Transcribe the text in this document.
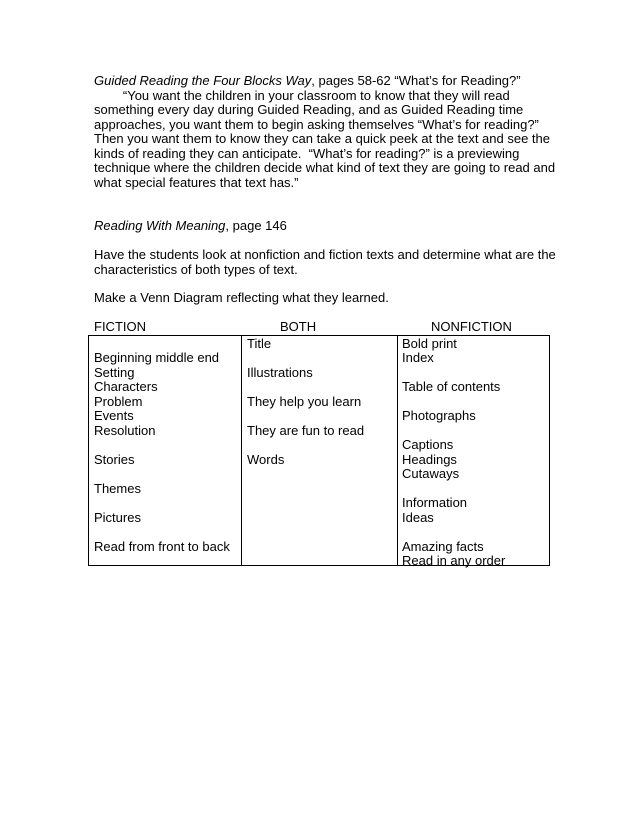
Guided Reading the Four Blocks Way, pages 58-62 “What’s for Reading?”
“You want the children in your classroom to know that they will read
something every day during Guided Reading, and as Guided Reading time
approaches, you want them to begin asking themselves “What’s for reading?”
Then you want them to know they can take a quick peek at the text and see the
kinds of reading they can anticipate.  “What’s for reading?” is a previewing
technique where the children decide what kind of text they are going to read and
what special features that text has.”
Reading With Meaning, page 146
Have the students look at nonfiction and fiction texts and determine what are the
characteristics of both types of text.
Make a Venn Diagram reflecting what they learned.
FICTION	BOTH	NONFICTION
Beginning middle end
Setting
Characters
Problem
Events
Resolution
Stories
Themes
Pictures
Read from front to back
Title
Illustrations
They help you learn
They are fun to read
Words
Bold print
Index
Table of contents
Photographs
Captions
Headings
Cutaways
Information
Ideas
Amazing facts
Read in any order
